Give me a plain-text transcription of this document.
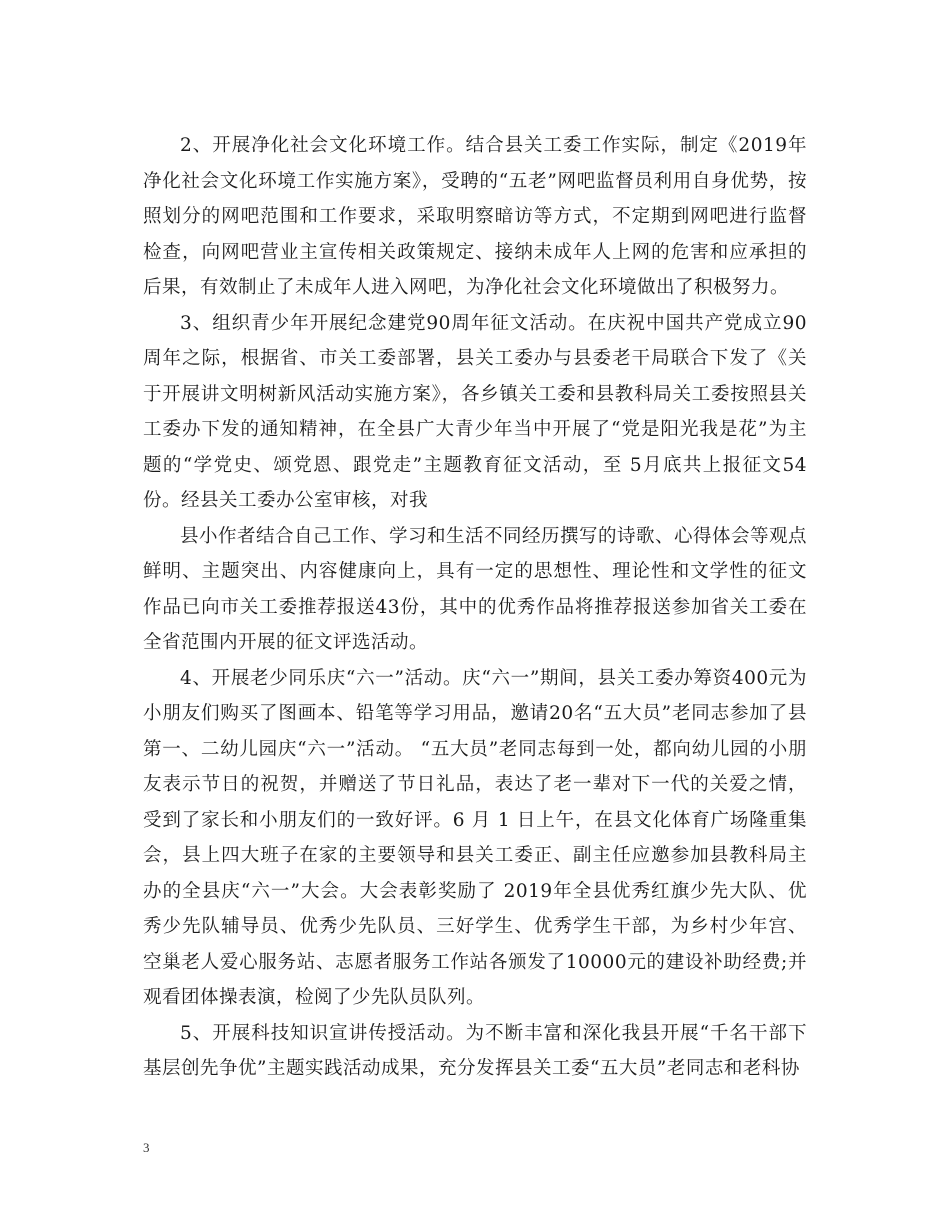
2、开展净化社会文化环境工作。结合县关工委工作实际，制定《2019年净化社会文化环境工作实施方案》，受聘的“五老”网吧监督员利用自身优势，按照划分的网吧范围和工作要求，采取明察暗访等方式，不定期到网吧进行监督检查，向网吧营业主宣传相关政策规定、接纳未成年人上网的危害和应承担的后果，有效制止了未成年人进入网吧，为净化社会文化环境做出了积极努力。

3、组织青少年开展纪念建党90周年征文活动。在庆祝中国共产党成立90周年之际，根据省、市关工委部署，县关工委办与县委老干局联合下发了《关于开展讲文明树新风活动实施方案》，各乡镇关工委和县教科局关工委按照县关工委办下发的通知精神，在全县广大青少年当中开展了“党是阳光我是花”为主题的“学党史、颂党恩、跟党走”主题教育征文活动，至 5月底共上报征文54份。经县关工委办公室审核，对我

县小作者结合自己工作、学习和生活不同经历撰写的诗歌、心得体会等观点鲜明、主题突出、内容健康向上，具有一定的思想性、理论性和文学性的征文作品已向市关工委推荐报送43份，其中的优秀作品将推荐报送参加省关工委在全省范围内开展的征文评选活动。

4、开展老少同乐庆“六一”活动。庆“六一”期间，县关工委办筹资400元为小朋友们购买了图画本、铅笔等学习用品，邀请20名“五大员”老同志参加了县第一、二幼儿园庆“六一”活动。 “五大员”老同志每到一处，都向幼儿园的小朋友表示节日的祝贺，并赠送了节日礼品，表达了老一辈对下一代的关爱之情，受到了家长和小朋友们的一致好评。6 月 1 日上午，在县文化体育广场隆重集会，县上四大班子在家的主要领导和县关工委正、副主任应邀参加县教科局主办的全县庆“六一”大会。大会表彰奖励了 2019年全县优秀红旗少先大队、优秀少先队辅导员、优秀少先队员、三好学生、优秀学生干部，为乡村少年宫、空巢老人爱心服务站、志愿者服务工作站各颁发了10000元的建设补助经费;并观看团体操表演，检阅了少先队员队列。

5、开展科技知识宣讲传授活动。为不断丰富和深化我县开展“千名干部下基层创先争优”主题实践活动成果，充分发挥县关工委“五大员”老同志和老科协

3
